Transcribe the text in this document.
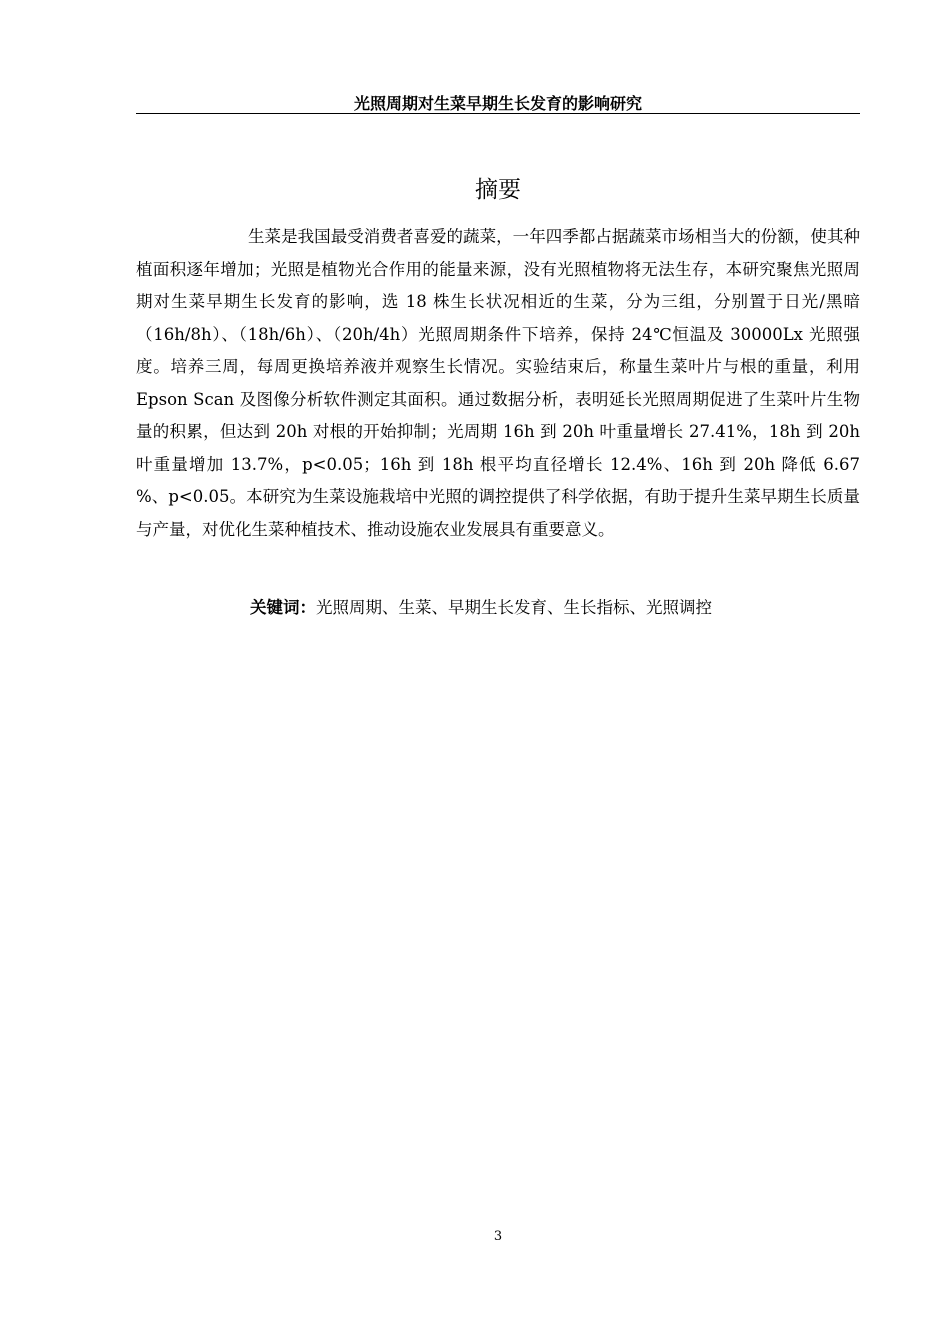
光照周期对生菜早期生长发育的影响研究
摘要

生菜是我国最受消费者喜爱的蔬菜，一年四季都占据蔬菜市场相当大的份额，使其种植面积逐年增加；光照是植物光合作用的能量来源，没有光照植物将无法生存，本研究聚焦光照周期对生菜早期生长发育的影响，选 18 株生长状况相近的生菜，分为三组，分别置于日光/黑暗（16h/8h）、（18h/6h）、（20h/4h）光照周期条件下培养，保持 24℃恒温及 30000Lx 光照强度。培养三周，每周更换培养液并观察生长情况。实验结束后，称量生菜叶片与根的重量，利用 Epson Scan 及图像分析软件测定其面积。通过数据分析，表明延长光照周期促进了生菜叶片生物量的积累，但达到 20h 对根的开始抑制；光周期 16h 到 20h 叶重量增长 27.41%，18h 到 20h 叶重量增加 13.7%，p<0.05；16h 到 18h 根平均直径增长 12.4%、16h 到 20h 降低 6.67 %、p<0.05。本研究为生菜设施栽培中光照的调控提供了科学依据，有助于提升生菜早期生长质量与产量，对优化生菜种植技术、推动设施农业发展具有重要意义。

关键词：光照周期、生菜、早期生长发育、生长指标、光照调控

3
